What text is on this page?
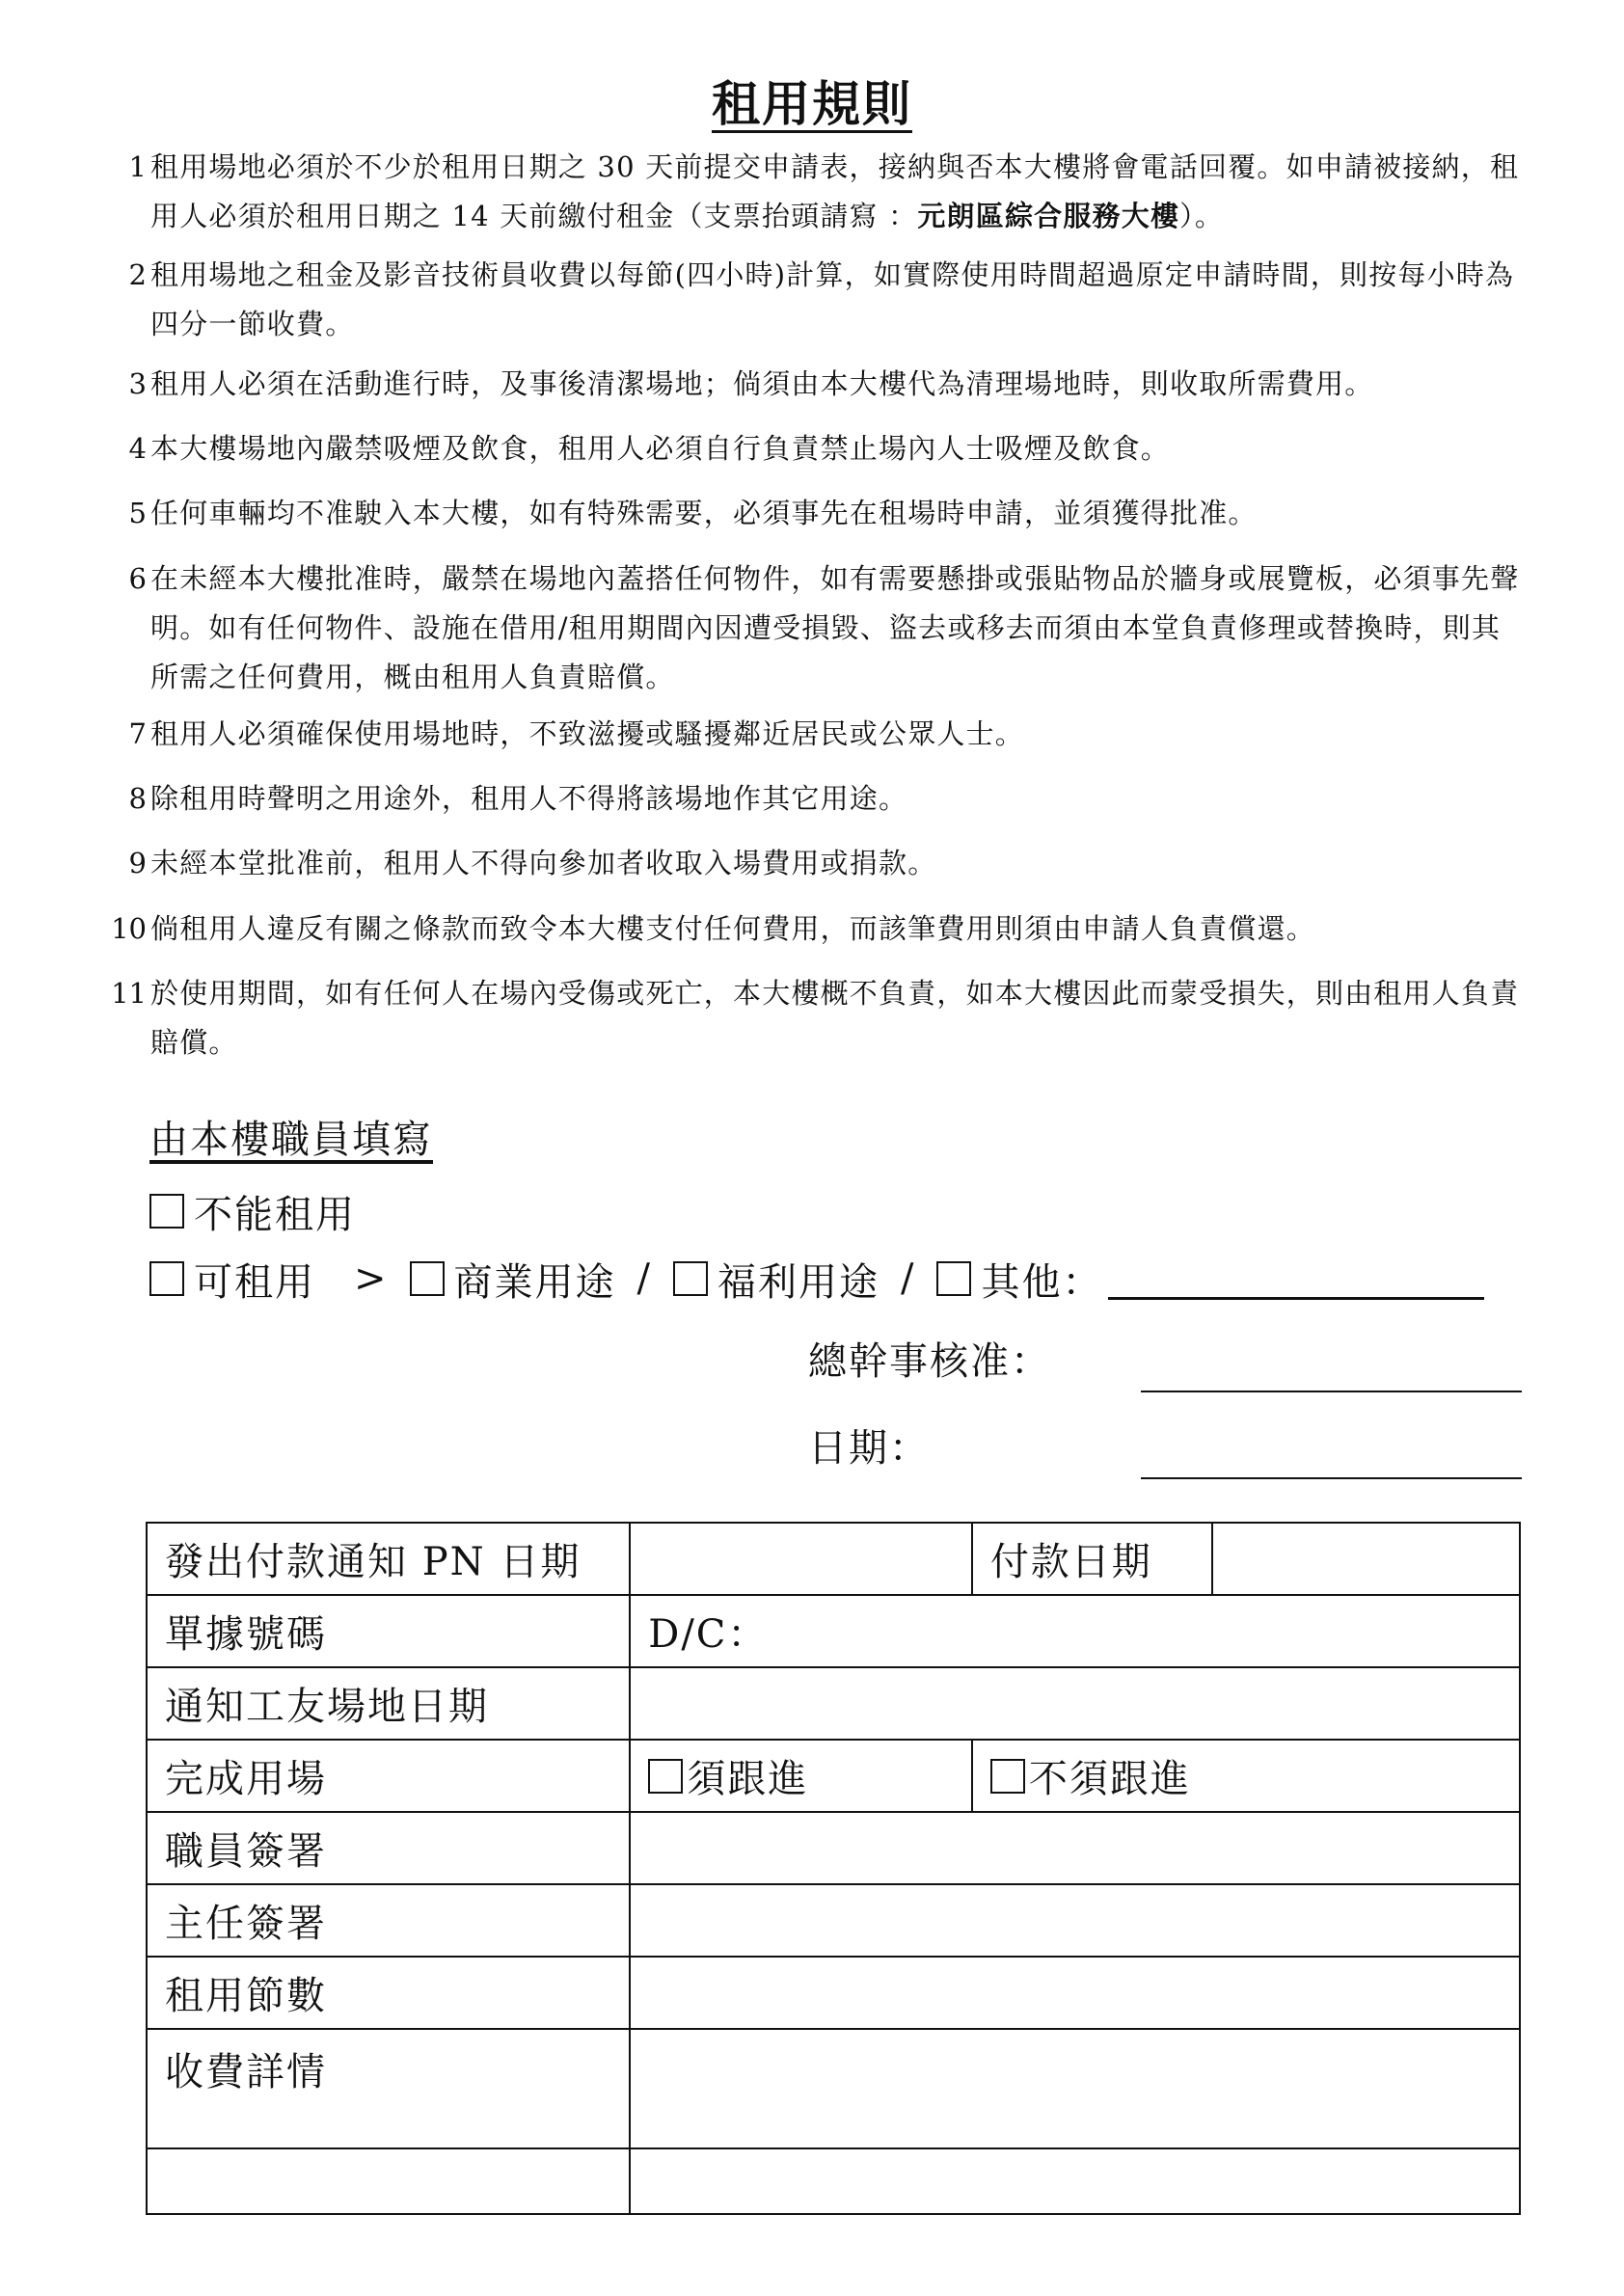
租用規則
1 租用場地必須於不少於租用日期之 30 天前提交申請表，接納與否本大樓將會電話回覆。如申請被接納，租用人必須於租用日期之 14 天前繳付租金（支票抬頭請寫 ：元朗區綜合服務大樓）。
2 租用場地之租金及影音技術員收費以每節(四小時)計算，如實際使用時間超過原定申請時間，則按每小時為四分一節收費。
3 租用人必須在活動進行時，及事後清潔場地；倘須由本大樓代為清理場地時，則收取所需費用。
4 本大樓場地內嚴禁吸煙及飲食，租用人必須自行負責禁止場內人士吸煙及飲食。
5 任何車輛均不准駛入本大樓，如有特殊需要，必須事先在租場時申請，並須獲得批准。
6 在未經本大樓批准時，嚴禁在場地內蓋搭任何物件，如有需要懸掛或張貼物品於牆身或展覽板，必須事先聲明。如有任何物件、設施在借用/租用期間內因遭受損毀、盜去或移去而須由本堂負責修理或替換時，則其所需之任何費用，概由租用人負責賠償。
7 租用人必須確保使用場地時，不致滋擾或騷擾鄰近居民或公眾人士。
8 除租用時聲明之用途外，租用人不得將該場地作其它用途。
9 未經本堂批准前，租用人不得向參加者收取入場費用或捐款。
10 倘租用人違反有關之條款而致令本大樓支付任何費用，而該筆費用則須由申請人負責償還。
11 於使用期間，如有任何人在場內受傷或死亡，本大樓概不負責，如本大樓因此而蒙受損失，則由租用人負責賠償。
由本樓職員填寫
不能租用
可租用 > 商業用途 / 福利用途 / 其他：
總幹事核准：
日期：
發出付款通知 PN 日期		付款日期	
單據號碼	D/C：		
通知工友場地日期			
完成用場	須跟進	不須跟進	

職員簽署			
主任簽署			
租用節數			
收費詳情			
